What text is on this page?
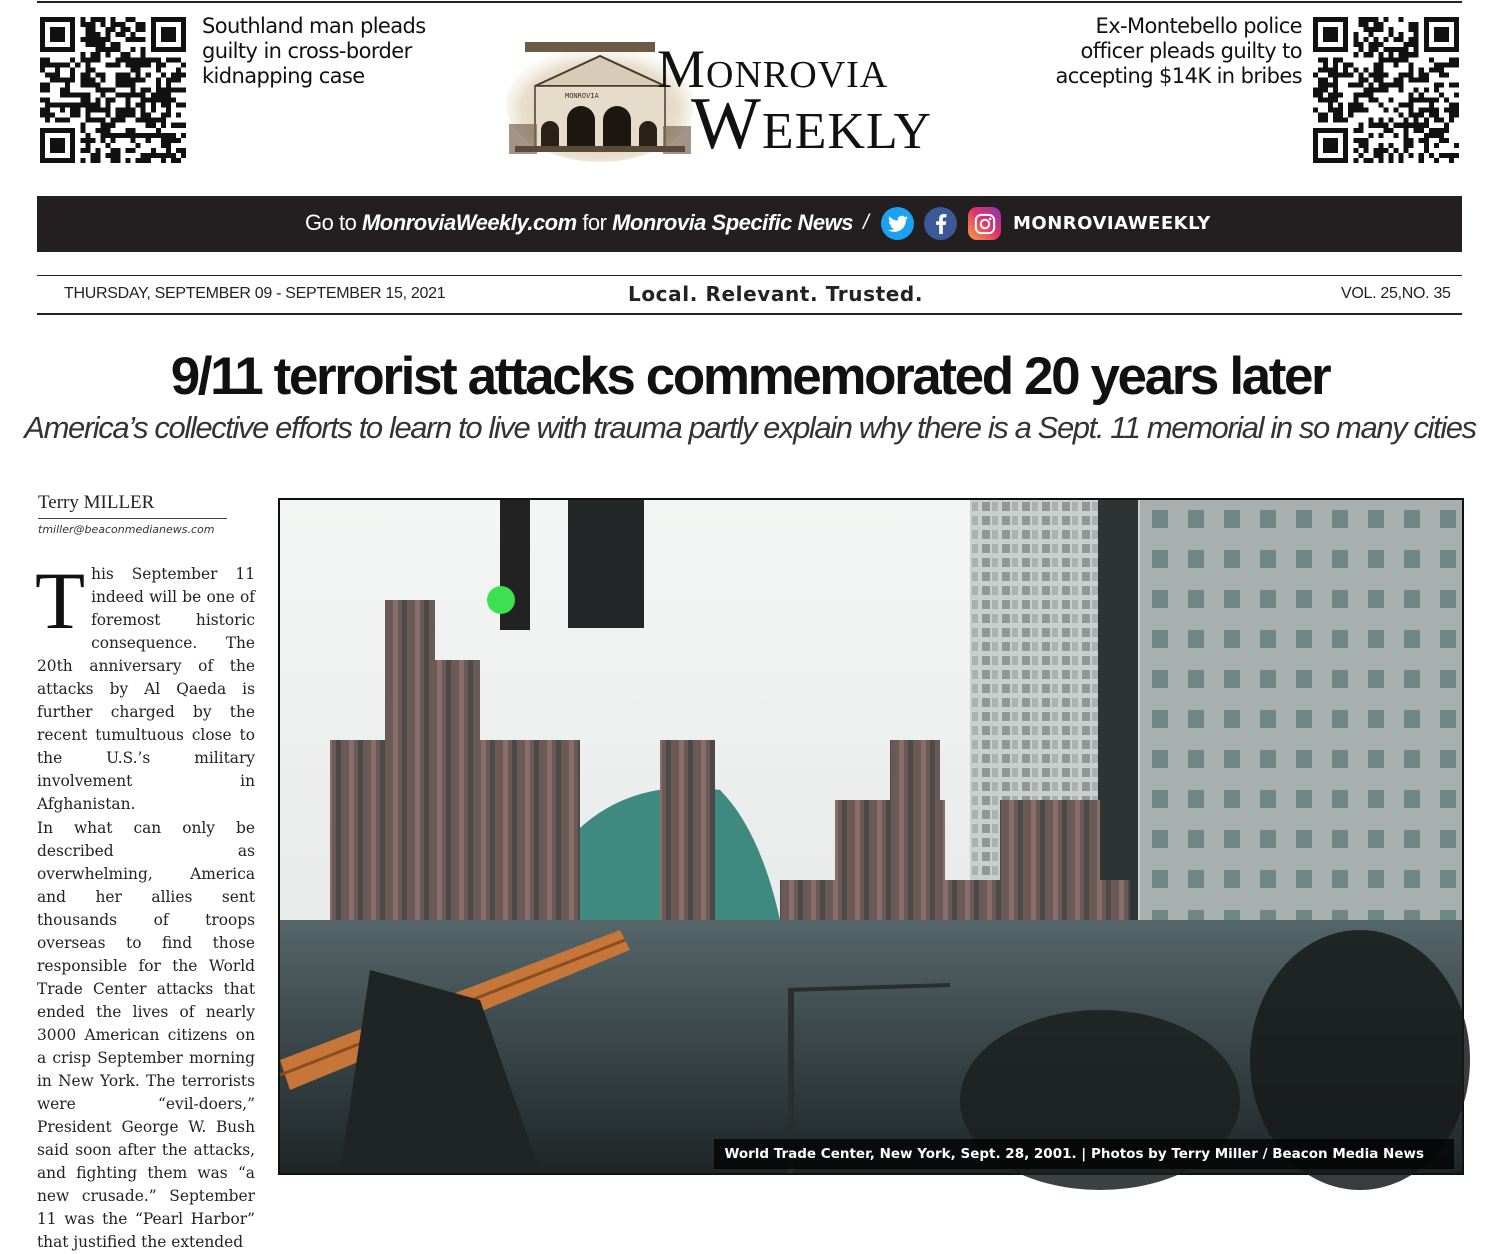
Southland man pleads guilty in cross-border kidnapping case
MONROVIA Monrovia
Weekly
Ex-Montebello police officer pleads guilty to accepting $14K in bribes
Go to MonroviaWeekly.com for Monrovia Specific News /	MONROVIAWEEKLY
THURSDAY, SEPTEMBER 09 - SEPTEMBER 15, 2021	Local. Relevant. Trusted.	VOL. 25,NO. 35
9/11 terrorist attacks commemorated 20 years later
America’s collective efforts to learn to live with trauma partly explain why there is a Sept. 11 memorial in so many cities
Terry MILLER
tmiller@beaconmedianews.com

This September 11 indeed will be one of foremost historic consequence. The 20th anniversary of the attacks by Al Qaeda is further charged by the recent tumultuous close to the U.S.’s military involvement in Afghanistan.

In what can only be described as overwhelming, America and her allies sent thousands of troops overseas to find those responsible for the World Trade Center attacks that ended the lives of nearly 3000 American citizens on a crisp September morning in New York. The terrorists were “evil-doers,” President George W. Bush said soon after the attacks, and fighting them was “a new crusade.” September 11 was the “Pearl Harbor” that justified the extended

World Trade Center, New York, Sept. 28, 2001. | Photos by Terry Miller / Beacon Media News
